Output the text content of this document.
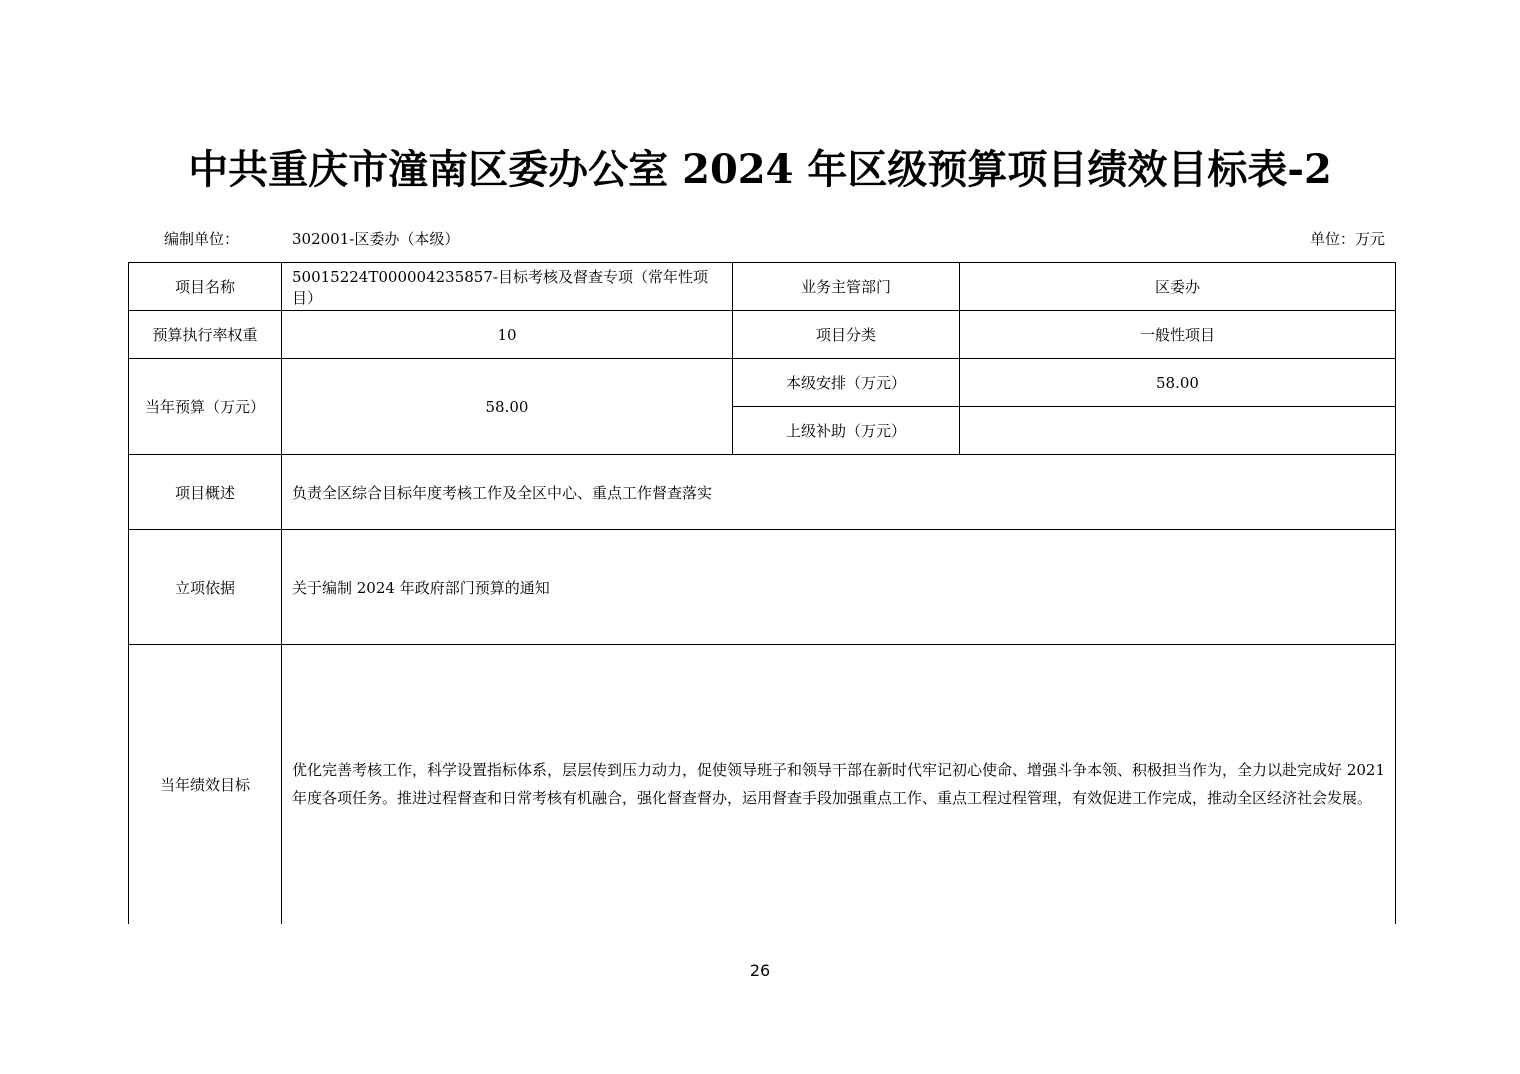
中共重庆市潼南区委办公室 2024 年区级预算项目绩效目标表-2
编制单位：	302001-区委办（本级）	单位：万元
项目名称	50015224T000004235857-目标考核及督查专项（常年性项目）	业务主管部门	区委办
预算执行率权重	10	项目分类	一般性项目
当年预算（万元）	58.00	本级安排（万元）	58.00
		上级补助（万元）	
项目概述	负责全区综合目标年度考核工作及全区中心、重点工作督查落实		
立项依据	关于编制 2024 年政府部门预算的通知		
当年绩效目标	优化完善考核工作，科学设置指标体系，层层传到压力动力，促使领导班子和领导干部在新时代牢记初心使命、增强斗争本领、积极担当作为，全力以赴完成好 2021 年度各项任务。推进过程督查和日常考核有机融合，强化督查督办，运用督查手段加强重点工作、重点工程过程管理，有效促进工作完成，推动全区经济社会发展。		
26
